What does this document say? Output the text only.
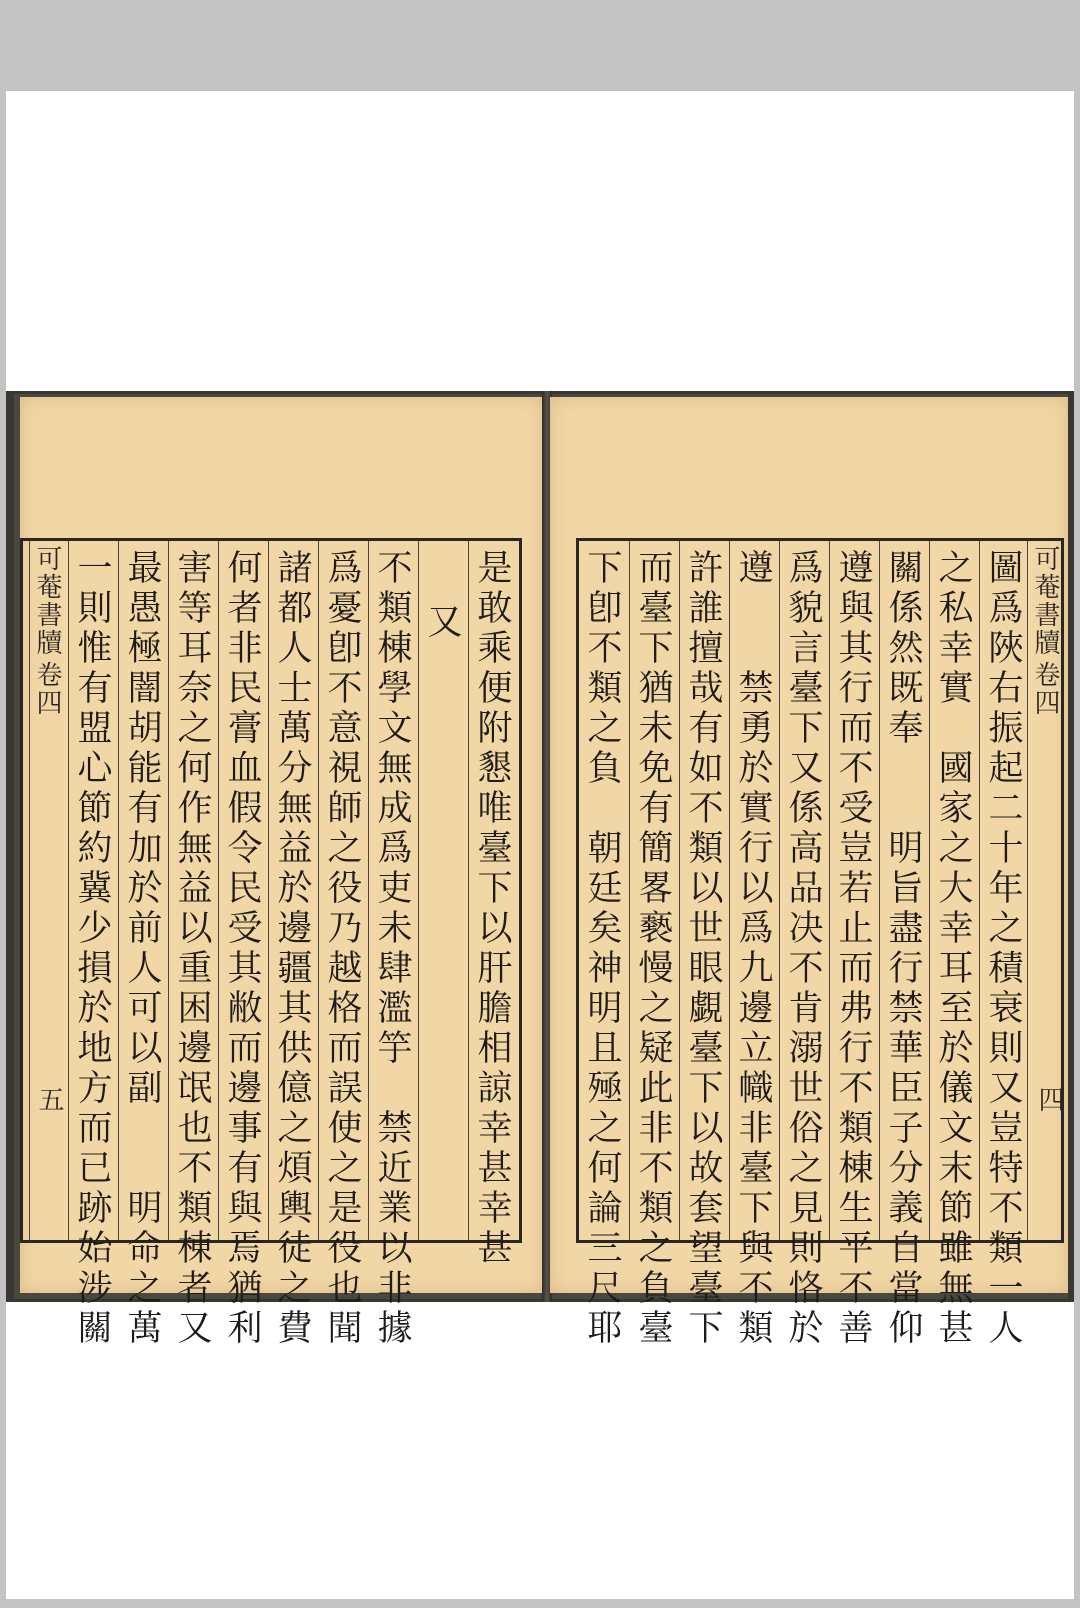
是敢乘便附懇唯臺下以肝膽相諒幸甚幸甚
又
不類棟學文無成爲吏未肆濫竽　禁近業以非據
爲憂卽不意視師之役乃越格而誤使之是役也聞
諸都人士萬分無益於邊疆其供億之煩輿徒之費
何者非民膏血假令民受其敝而邊事有與焉猶利
害等耳奈之何作無益以重困邊氓也不類棟者又
最愚極闇胡能有加於前人可以副　　明命之萬
一則惟有盟心節約冀少損於地方而已跡始涉關
可菴書牘
卷四
五
可菴書牘
卷四
四
圖爲陜右振起二十年之積衰則又豈特不類一人
之私幸實　國家之大幸耳至於儀文末節雖無甚
關係然既奉　　明旨盡行禁華臣子分義自當仰
遵與其行而不受豈若止而弗行不類棟生平不善
爲貌言臺下又係高品决不肯溺世俗之見則恪於
遵　　禁勇於實行以爲九邊立幟非臺下與不類
許誰擅哉有如不類以世眼覷臺下以故套望臺下
而臺下猶未免有簡畧褻慢之疑此非不類之負臺
下卽不類之負　朝廷矣神明且殛之何論三尺耶
